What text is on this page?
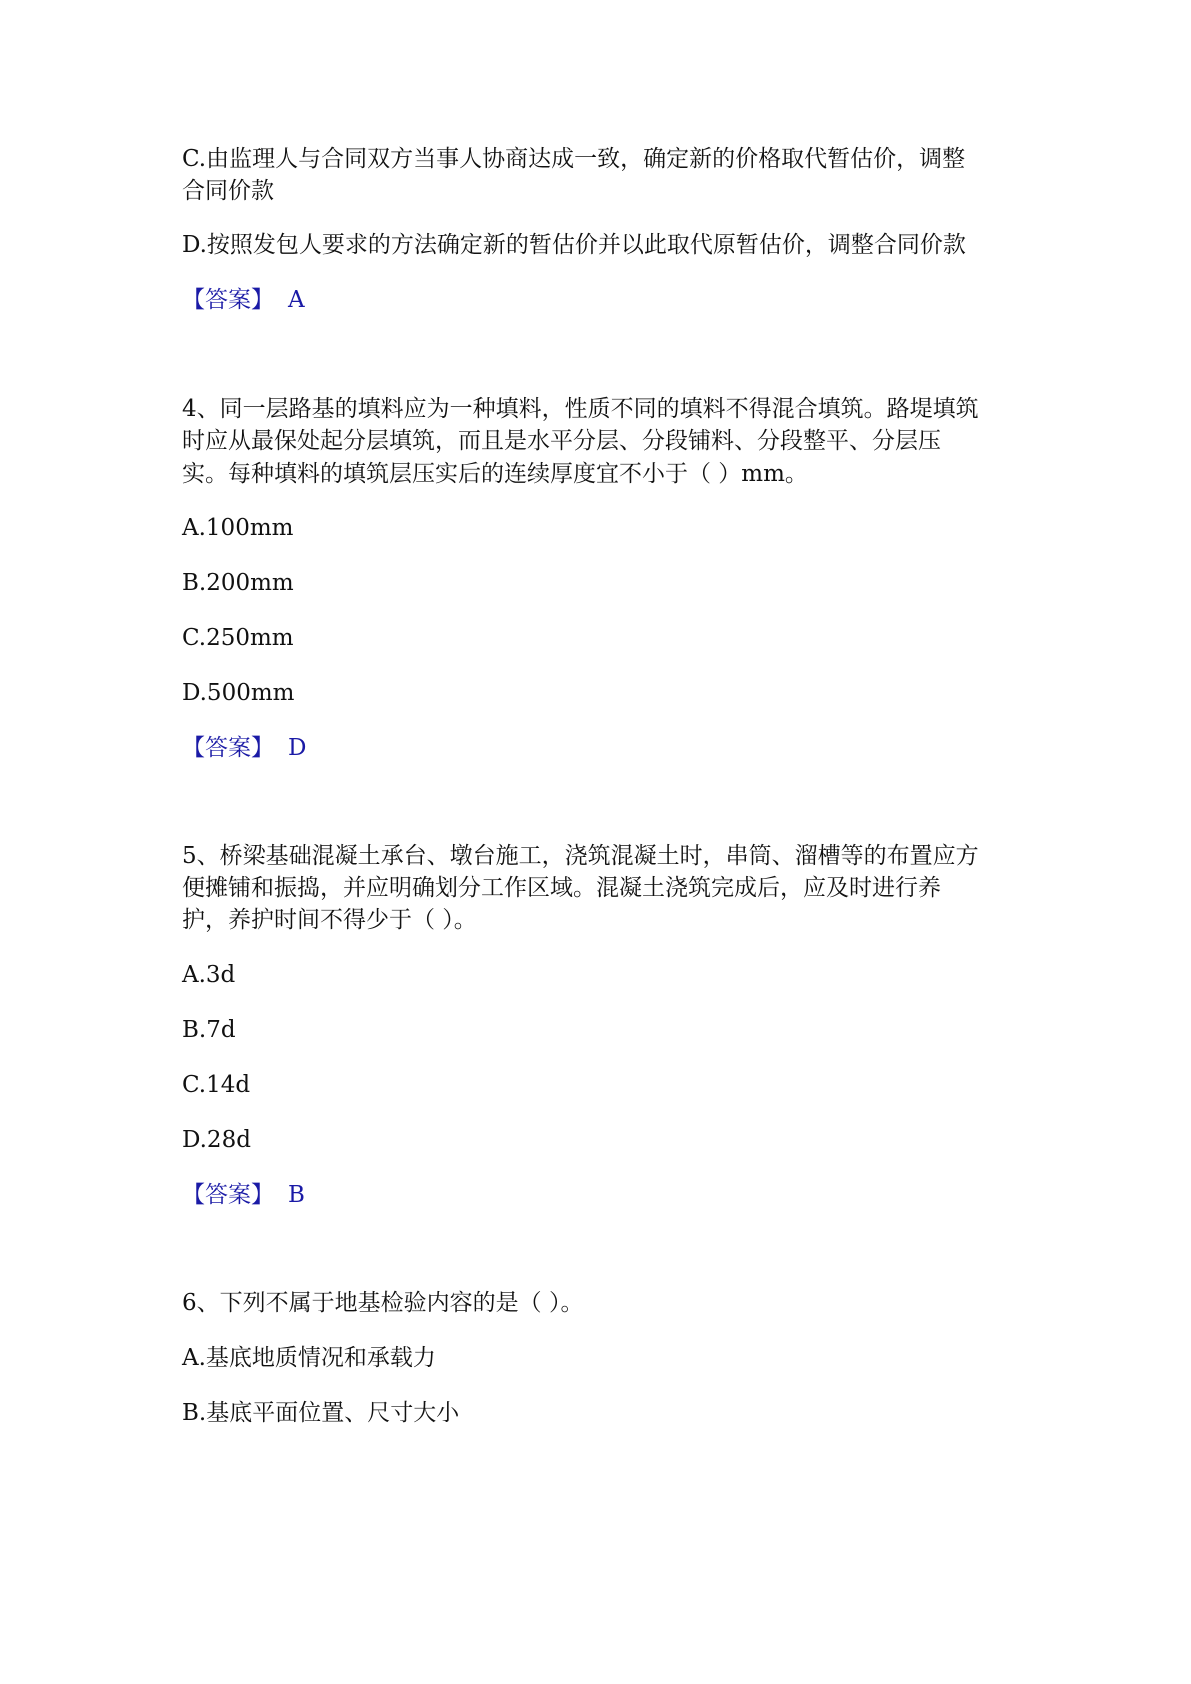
C.由监理人与合同双方当事人协商达成一致，确定新的价格取代暂估价，调整
合同价款
D.按照发包人要求的方法确定新的暂估价并以此取代原暂估价，调整合同价款
【答案】 A
4、同一层路基的填料应为一种填料，性质不同的填料不得混合填筑。路堤填筑
时应从最保处起分层填筑，而且是水平分层、分段铺料、分段整平、分层压
实。每种填料的填筑层压实后的连续厚度宜不小于（ ）mm。
A.100mm
B.200mm
C.250mm
D.500mm
【答案】 D
5、桥梁基础混凝土承台、墩台施工，浇筑混凝土时，串筒、溜槽等的布置应方
便摊铺和振捣，并应明确划分工作区域。混凝土浇筑完成后，应及时进行养
护，养护时间不得少于（ ）。
A.3d
B.7d
C.14d
D.28d
【答案】 B
6、下列不属于地基检验内容的是（ ）。
A.基底地质情况和承载力
B.基底平面位置、尺寸大小
